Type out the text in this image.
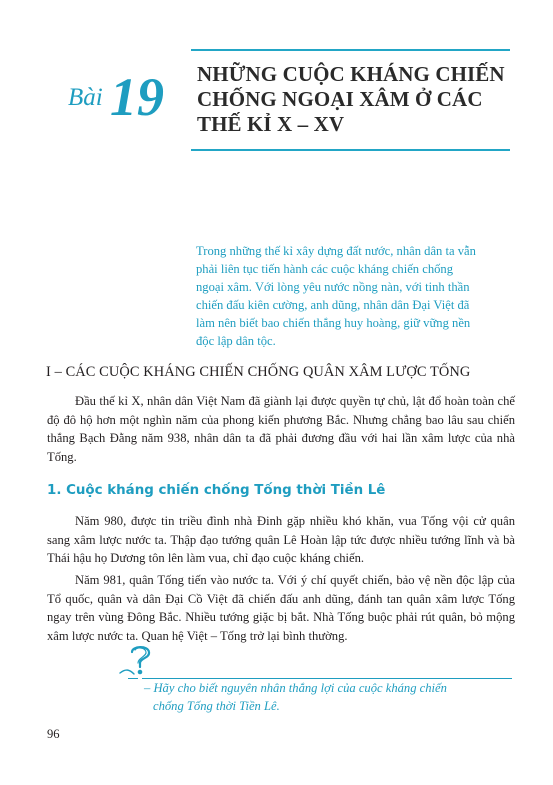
Bài 19 NHỮNG CUỘC KHÁNG CHIẾN
CHỐNG NGOẠI XÂM Ở CÁC
THẾ KỈ X – XV
Trong những thế kỉ xây dựng đất nước, nhân dân ta vẫn
phải liên tục tiến hành các cuộc kháng chiến chống
ngoại xâm. Với lòng yêu nước nồng nàn, với tinh thần
chiến đấu kiên cường, anh dũng, nhân dân Đại Việt đã
làm nên biết bao chiến thắng huy hoàng, giữ vững nền
độc lập dân tộc.
I – CÁC CUỘC KHÁNG CHIẾN CHỐNG QUÂN XÂM LƯỢC TỐNG
Đầu thế kỉ X, nhân dân Việt Nam đã giành lại được quyền tự chủ, lật đổ hoàn toàn chế độ đô hộ hơn một nghìn năm của phong kiến phương Bắc. Nhưng chẳng bao lâu sau chiến thắng Bạch Đằng năm 938, nhân dân ta đã phải đương đầu với hai lần xâm lược của nhà Tống.
1. Cuộc kháng chiến chống Tống thời Tiền Lê
Năm 980, được tin triều đình nhà Đinh gặp nhiều khó khăn, vua Tống vội cử quân sang xâm lược nước ta. Thập đạo tướng quân Lê Hoàn lập tức được nhiều tướng lĩnh và bà Thái hậu họ Dương tôn lên làm vua, chỉ đạo cuộc kháng chiến.
Năm 981, quân Tống tiến vào nước ta. Với ý chí quyết chiến, bảo vệ nền độc lập của Tổ quốc, quân và dân Đại Cồ Việt đã chiến đấu anh dũng, đánh tan quân xâm lược Tống ngay trên vùng Đông Bắc. Nhiều tướng giặc bị bắt. Nhà Tống buộc phải rút quân, bỏ mộng xâm lược nước ta. Quan hệ Việt – Tống trở lại bình thường.
– Hãy cho biết nguyên nhân thắng lợi của cuộc kháng chiến
chống Tống thời Tiền Lê.
96
